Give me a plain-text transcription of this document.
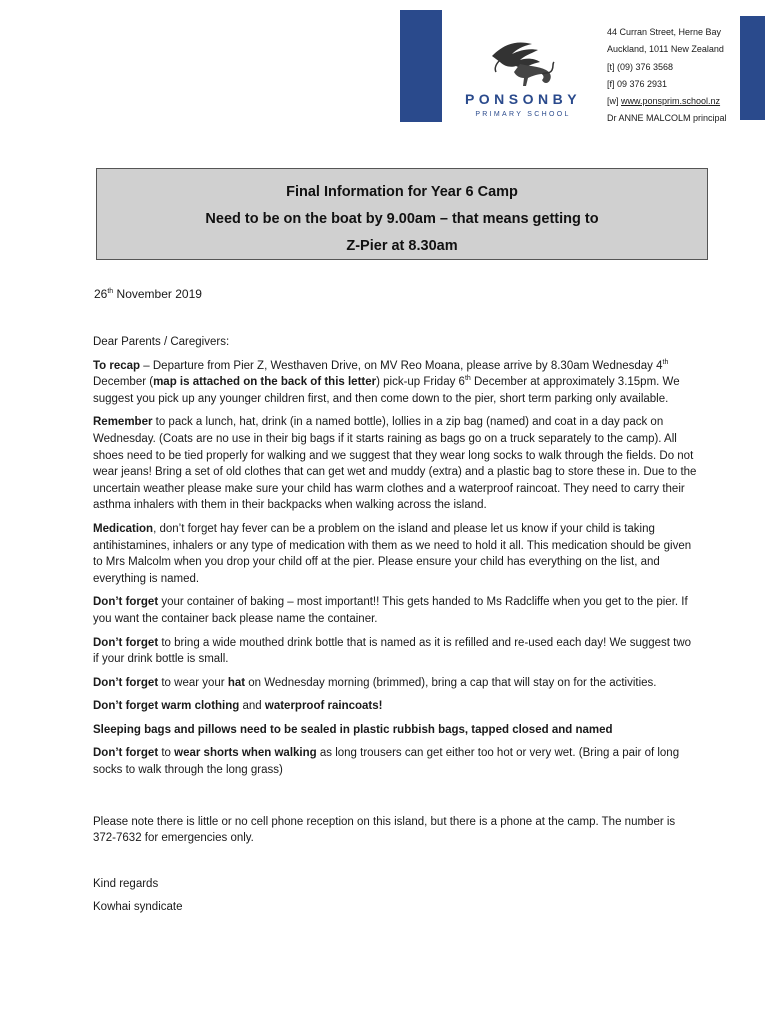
PONSONBY
PRIMARY SCHOOL
44 Curran Street, Herne Bay
Auckland, 1011 New Zealand
[t] (09) 376 3568
[f] 09 376 2931
[w] www.ponsprim.school.nz
Dr ANNE MALCOLM principal
Final Information for Year 6 Camp
Need to be on the boat by 9.00am – that means getting to
Z-Pier at 8.30am
26th November 2019

Dear Parents / Caregivers:

To recap – Departure from Pier Z, Westhaven Drive, on MV Reo Moana, please arrive by 8.30am Wednesday 4th December (map is attached on the back of this letter) pick-up Friday 6th December at approximately 3.15pm. We suggest you pick up any younger children first, and then come down to the pier, short term parking only available.

Remember to pack a lunch, hat, drink (in a named bottle), lollies in a zip bag (named) and coat in a day pack on Wednesday. (Coats are no use in their big bags if it starts raining as bags go on a truck separately to the camp). All shoes need to be tied properly for walking and we suggest that they wear long socks to walk through the fields. Do not wear jeans! Bring a set of old clothes that can get wet and muddy (extra) and a plastic bag to store these in. Due to the uncertain weather please make sure your child has warm clothes and a waterproof raincoat. They need to carry their asthma inhalers with them in their backpacks when walking across the island.

Medication, don’t forget hay fever can be a problem on the island and please let us know if your child is taking antihistamines, inhalers or any type of medication with them as we need to hold it all. This medication should be given to Mrs Malcolm when you drop your child off at the pier. Please ensure your child has everything on the list, and everything is named.

Don’t forget your container of baking – most important!! This gets handed to Ms Radcliffe when you get to the pier. If you want the container back please name the container.

Don’t forget to bring a wide mouthed drink bottle that is named as it is refilled and re-used each day! We suggest two if your drink bottle is small.

Don’t forget to wear your hat on Wednesday morning (brimmed), bring a cap that will stay on for the activities.

Don’t forget warm clothing and waterproof raincoats!

Sleeping bags and pillows need to be sealed in plastic rubbish bags, tapped closed and named

Don’t forget to wear shorts when walking as long trousers can get either too hot or very wet. (Bring a pair of long socks to walk through the long grass)

Please note there is little or no cell phone reception on this island, but there is a phone at the camp. The number is 372-7632 for emergencies only.

Kind regards

Kowhai syndicate
